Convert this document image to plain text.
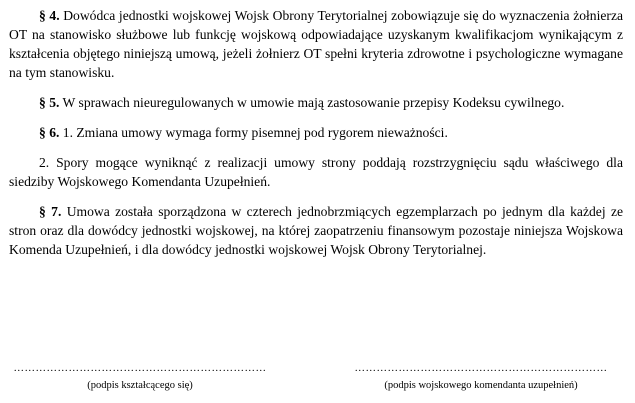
§ 4. Dowódca jednostki wojskowej Wojsk Obrony Terytorialnej zobowiązuje się do wyznaczenia żołnierza OT na stanowisko służbowe lub funkcję wojskową odpowiadające uzyskanym kwalifikacjom wynikającym z kształcenia objętego niniejszą umową, jeżeli żołnierz OT spełni kryteria zdrowotne i psychologiczne wymagane na tym stanowisku.

§ 5. W sprawach nieuregulowanych w umowie mają zastosowanie przepisy Kodeksu cywilnego.

§ 6. 1. Zmiana umowy wymaga formy pisemnej pod rygorem nieważności.

2. Spory mogące wyniknąć z realizacji umowy strony poddają rozstrzygnięciu sądu właściwego dla siedziby Wojskowego Komendanta Uzupełnień.

§ 7. Umowa została sporządzona w czterech jednobrzmiących egzemplarzach po jednym dla każdej ze stron oraz dla dowódcy jednostki wojskowej, na której zaopatrzeniu finansowym pozostaje niniejsza Wojskowa Komenda Uzupełnień, i dla dowódcy jednostki wojskowej Wojsk Obrony Terytorialnej.

……………………………………………………………
(podpis kształcącego się)
……………………………………………………………
(podpis wojskowego komendanta uzupełnień)
